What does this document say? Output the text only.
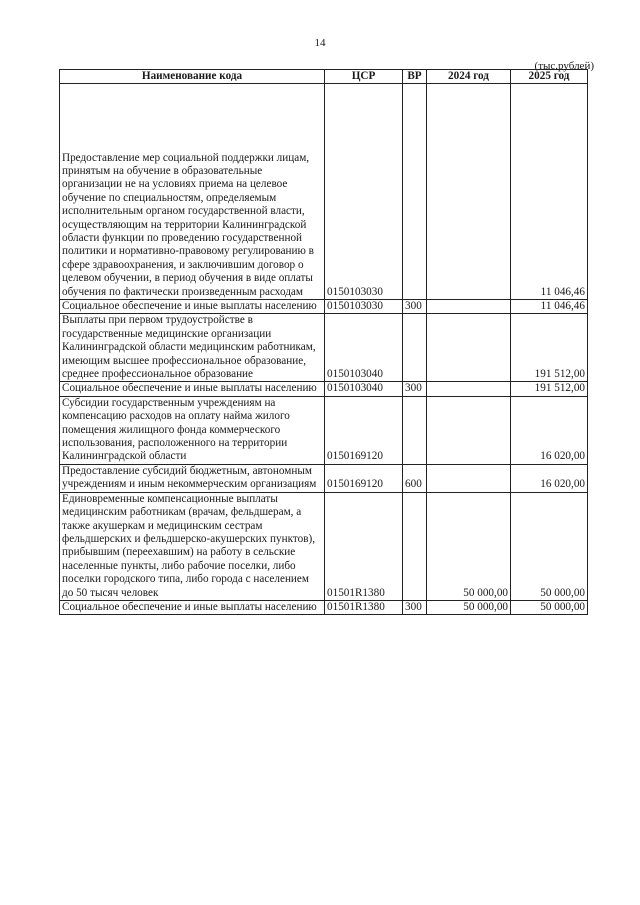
14
(тыс.рублей)
Наименование кода	ЦСР	ВР	2024 год	2025 год
Предоставление мер социальной поддержки лицам, принятым на обучение в образовательные организации не на условиях приема на целевое обучение по специальностям, определяемым исполнительным органом государственной власти, осуществляющим на территории Калининградской области функции по проведению государственной политики и нормативно-правовому регулированию в сфере здравоохранения, и заключившим договор о целевом обучении, в период обучения в виде оплаты обучения по фактически произведенным расходам	0150103030			11 046,46
Социальное обеспечение и иные выплаты населению	0150103030	300		11 046,46
Выплаты при первом трудоустройстве в государственные медицинские организации Калининградской области медицинским работникам, имеющим высшее профессиональное образование, среднее профессиональное образование	0150103040			191 512,00
Социальное обеспечение и иные выплаты населению	0150103040	300		191 512,00
Субсидии государственным учреждениям на компенсацию расходов на оплату найма жилого помещения жилищного фонда коммерческого использования, расположенного на территории Калининградской области	0150169120			16 020,00
Предоставление субсидий бюджетным, автономным учреждениям и иным некоммерческим организациям	0150169120	600		16 020,00
Единовременные компенсационные выплаты медицинским работникам (врачам, фельдшерам, а также акушеркам и медицинским сестрам фельдшерских и фельдшерско-акушерских пунктов), прибывшим (переехавшим) на работу в сельские населенные пункты, либо рабочие поселки, либо поселки городского типа, либо города с населением до 50 тысяч человек	01501R1380		50 000,00	50 000,00
Социальное обеспечение и иные выплаты населению	01501R1380	300	50 000,00	50 000,00
